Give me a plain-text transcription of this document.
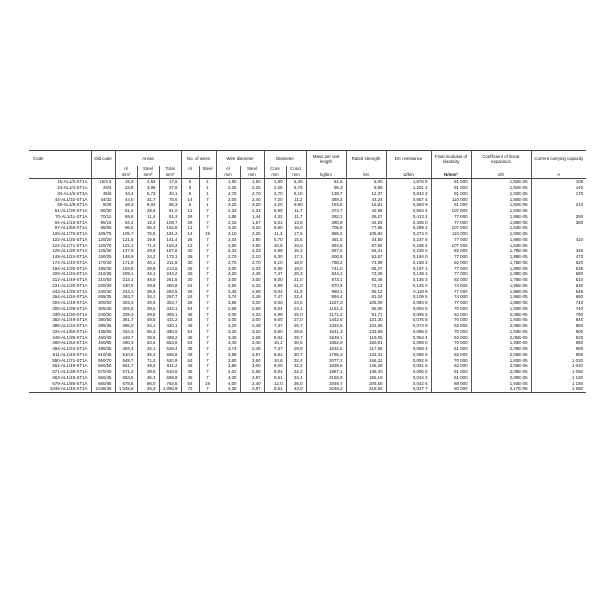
Code	Old code	Areas			No. of wires		Wire diameter		Diameter		Mass per unit length	Rated strength	DC resistance	Final modulus of elasticity	Coefficient of linear expansion	Current carrying capacity
		Al	Steel	Total	Al	Steel	Al	Steel	Core	Cond.						
		mm²	mm²	mm²			mm	mm	mm	mm	kg/km	kN	Ω/km	N/mm²	1/K	A
15-AL1/3-ST1A	16/2,5	15,3	2,54	17,8	6	1	1,80	1,80	1,80	5,40	61,6	5,80	1,876 9	81 000	1,92E-05	105
24-AL1/4-ST1A	25/4	23,9	3,98	27,8	6	1	2,25	2,25	2,25	6,75	96,3	8,95	1,201 2	81 000	1,92E-05	140
34-AL1/6-ST1A	35/6	34,4	5,73	40,1	6	1	2,70	2,70	2,70	8,10	138,7	12,37	0,834 2	81 000	1,92E-05	170
44-AL1/32-ST1A	44/32	44,0	31,7	75,6	14	7	2,00	2,40	7,20	11,2	369,3	44,24	0,657 4	110 000	1,50E-05	
48-AL1/8-ST1A	50/8	48,3	8,04	56,3	6	1	3,20	3,20	3,20	9,60	194,8	16,81	0,593 9	81 000	1,92E-05	210
51-AL1/30-ST1A	50/30	51,2	29,8	81,0	12	7	2,33	2,33	6,99	11,7	374,7	42,98	0,564 4	107 000	1,53E-05	
70-AL1/11-ST1A	70/12	69,9	11,4	81,3	26	7	1,85	1,44	4,32	11,7	282,2	26,27	0,413 2	77 000	1,89E-05	290
94-AL1/15-ST1A	95/15	94,4	15,3	109,7	26	7	2,15	1,67	5,01	13,6	380,8	34,93	0,306 0	77 000	1,89E-05	350
97-AL1/56-ST1A	95/55	96,5	56,3	152,8	12	7	3,20	3,20	9,60	16,0	706,8	77,85	0,299 2	107 000	1,53E-05	
106-AL1/76-ST1A	105/75	105,7	75,5	181,2	14	19	3,10	2,25	11,3	17,5	885,3	105,82	0,274 0	110 000	1,50E-05	
122-AL1/20-ST1A	120/20	121,6	19,8	141,4	26	7	2,44	1,90	5,70	15,5	491,0	44,50	0,237 6	77 000	1,89E-05	410
122-AL1/71-ST1A	120/70	122,1	71,3	193,4	12	7	3,60	3,60	10,8	18,0	894,5	97,92	0,236 4	107 000	1,53E-05	
128-AL1/30-ST1A	125/30	127,9	29,8	157,8	30	7	2,33	2,33	6,99	16,3	587,0	56,41	0,226 0	82 000	1,78E-05	425
149-AL1/24-ST1A	150/25	148,9	24,2	173,1	26	7	2,70	2,10	6,30	17,1	600,8	53,67	0,194 0	77 000	1,89E-05	470
172-AL1/40-ST1A	170/40	171,8	40,1	211,8	30	7	2,70	2,70	8,10	18,9	788,2	74,89	0,168 3	82 000	1,78E-05	520
184-AL1/30-ST1A	185/30	183,8	29,8	213,6	26	7	3,00	2,33	6,99	19,0	741,0	65,27	0,157 1	77 000	1,89E-05	535
209-AL1/34-ST1A	210/35	209,1	34,1	243,2	26	7	3,20	2,49	7,47	20,3	844,1	73,36	0,138 1	77 000	1,89E-05	590
212-AL1/49-ST1A	210/50	212,1	49,5	261,5	30	7	3,00	3,00	9,00	21,0	973,1	92,46	0,136 3	82 000	1,78E-05	610
231-AL1/30-ST1A	230/30	230,9	29,8	260,8	24	7	3,50	2,33	6,99	21,0	870,9	72,13	0,125 0	74 000	1,96E-05	630
243-AL1/39-ST1A	240/40	243,1	39,5	282,5	26	7	3,45	2,68	8,04	21,8	980,1	85,12	0,118 8	77 000	1,89E-05	645
264-AL1/34-ST1A	265/35	263,7	34,1	297,7	24	7	3,74	2,49	7,47	22,4	994,4	81,04	0,109 5	74 000	1,96E-05	680
304-AL1/49-ST1A	300/50	304,3	49,5	353,7	26	7	3,86	3,00	9,00	24,5	1227,3	105,09	0,094 9	77 000	1,89E-05	740
305-AL1/39-ST1A	305/40	304,6	39,5	344,1	54	7	2,68	2,68	8,04	24,1	1151,2	96,80	0,094 9	70 000	1,93E-05	740
339-AL1/30-ST1A	340/30	339,3	29,8	369,1	48	7	3,00	2,33	6,99	25,0	1171,2	91,71	0,085 2	62 000	2,05E-05	790
382-AL1/49-ST1A	380/50	381,7	49,5	431,2	54	7	3,00	3,00	9,00	27,0	1442,5	121,30	0,075 8	70 000	1,93E-05	840
386-AL1/34-ST1A	385/35	386,0	34,1	420,1	48	7	3,20	2,49	7,47	26,7	1333,6	102,56	0,074 9	62 000	2,05E-05	850
434-AL1/56-ST1A	435/55	434,3	56,3	490,6	54	7	3,20	3,20	9,60	28,8	1641,3	133,59	0,066 6	70 000	1,93E-05	900
449-AL1/39-ST1A	450/40	448,7	39,5	488,2	48	7	3,45	2,68	8,04	28,7	1549,1	119,05	0,064 4	62 000	2,05E-05	920
490-AL1/64-ST1A	490/65	490,3	63,6	553,8	54	7	3,40	3,40	10,2	30,6	1852,9	150,81	0,059 0	70 000	1,93E-05	960
494-AL1/34-ST1A	495/35	494,4	34,1	528,4	45	7	3,74	2,49	7,47	29,9	1632,6	117,96	0,058 4	61 000	2,09E-05	985
511-AL1/45-ST1A	510/45	510,5	45,3	555,8	48	7	3,68	2,87	8,61	30,7	1765,3	133,31	0,056 6	62 000	2,05E-05	995
550-AL1/71-ST1A	550/70	549,7	71,3	620,9	54	7	3,60	3,60	10,8	32,4	2077,2	166,32	0,052 6	70 000	1,93E-05	1 020
562-AL1/49-ST1A	560/50	561,7	49,5	611,2	48	7	3,86	3,00	9,00	32,2	1939,5	146,28	0,051 5	62 000	2,05E-05	1 040
571-AL1/39-ST1A	570/40	571,2	39,5	610,6	45	7	4,02	2,68	8,04	32,2	1887,1	136,40	0,050 6	61 000	2,09E-05	1 050
653-AL1/45-ST1A	650/45	653,5	45,3	698,8	45	7	4,30	2,87	8,61	34,4	2159,9	156,16	0,044 2	61 000	2,09E-05	1 120
679-AL1/86-ST1A	680/85	678,6	86,0	764,5	54	19	4,00	2,40	12,0	36,0	2549,7	206,56	0,042 6	68 000	1,94E-05	1 150
1046-AL1/45-ST1A	1045/45	1 045,6	45,3	1 090,9	72	7	4,30	2,87	8,61	43,0	3248,2	218,92	0,027 7	60 000	2,17E-05	1 580
